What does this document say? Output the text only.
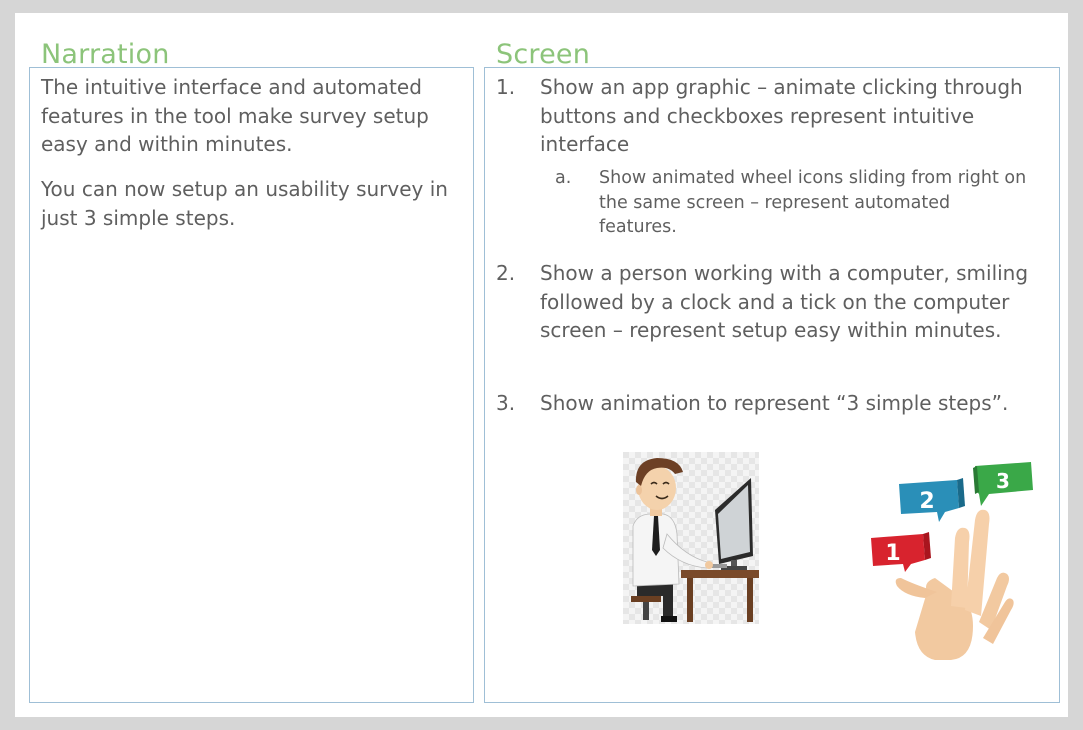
Narration	Screen

The intuitive interface and automated features in the tool make survey setup easy and within minutes.

You can now setup an usability survey in just 3 simple steps.

1. Show an app graphic – animate clicking through buttons and checkboxes represent intuitive interface
a. Show animated wheel icons sliding from right on the same screen – represent automated features.
2. Show a person working with a computer, smiling followed by a clock and a tick on the computer screen – represent setup easy within minutes.
3. Show animation to represent “3 simple steps”.
1
2
3
